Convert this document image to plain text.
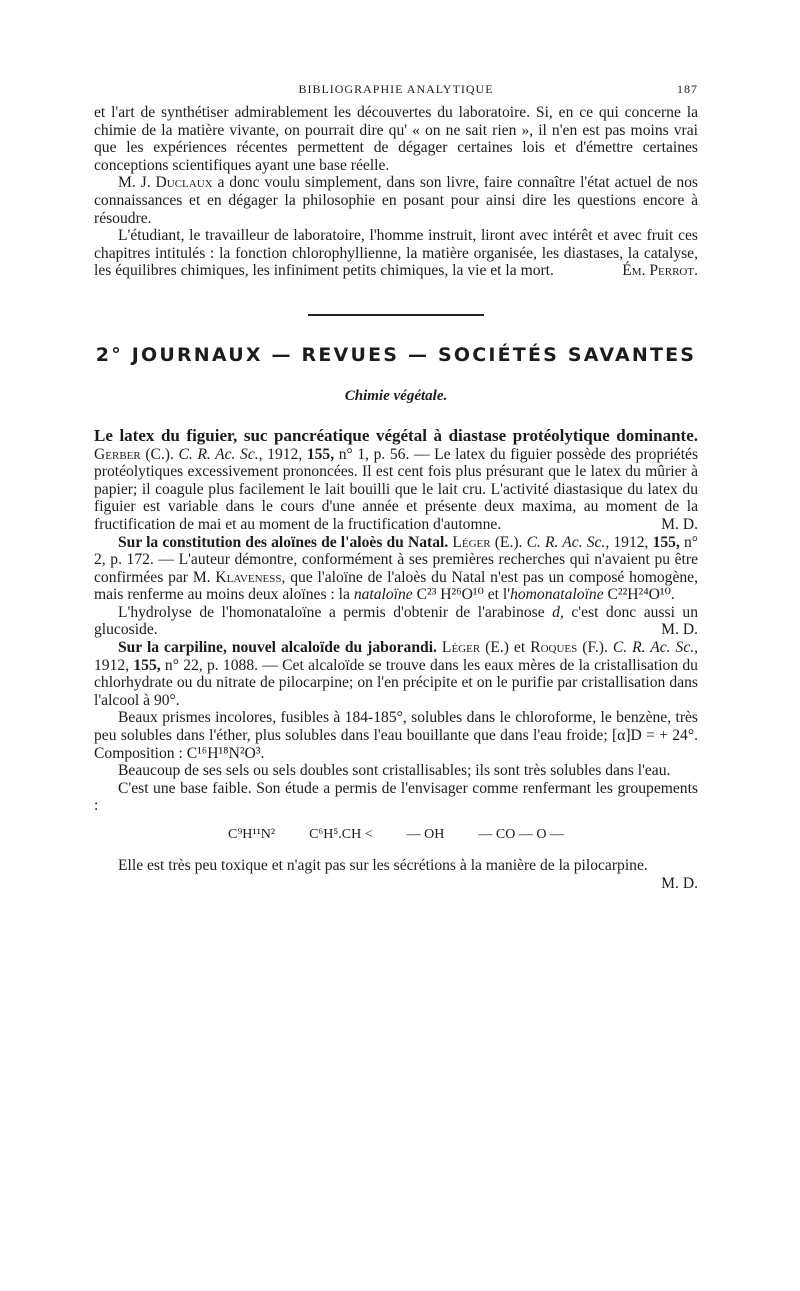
BIBLIOGRAPHIE ANALYTIQUE	187

et l'art de synthétiser admirablement les découvertes du laboratoire. Si, en ce qui concerne la chimie de la matière vivante, on pourrait dire qu' « on ne sait rien », il n'en est pas moins vrai que les expériences récentes permettent de dégager certaines lois et d'émettre certaines conceptions scientifiques ayant une base réelle.

M. J. Duclaux a donc voulu simplement, dans son livre, faire connaître l'état actuel de nos connaissances et en dégager la philosophie en posant pour ainsi dire les questions encore à résoudre.

L'étudiant, le travailleur de laboratoire, l'homme instruit, liront avec intérêt et avec fruit ces chapitres intitulés : la fonction chlorophyllienne, la matière organisée, les diastases, la catalyse, les équilibres chimiques, les infiniment petits chimiques, la vie et la mort.	Ém. Perrot.

2° JOURNAUX — REVUES — SOCIÉTÉS SAVANTES
Chimie végétale.

Le latex du figuier, suc pancréatique végétal à diastase protéolytique dominante. Gerber (C.). C. R. Ac. Sc., 1912, 155, n° 1, p. 56. — Le latex du figuier possède des propriétés protéolytiques excessivement prononcées. Il est cent fois plus présurant que le latex du mûrier à papier; il coagule plus facilement le lait bouilli que le lait cru. L'activité diastasique du latex du figuier est variable dans le cours d'une année et présente deux maxima, au moment de la fructification de mai et au moment de la fructification d'automne.	M. D.

Sur la constitution des aloïnes de l'aloès du Natal. Léger (E.). C. R. Ac. Sc., 1912, 155, n° 2, p. 172. — L'auteur démontre, conformément à ses premières recherches qui n'avaient pu être confirmées par M. Klaveness, que l'aloïne de l'aloès du Natal n'est pas un composé homogène, mais renferme au moins deux aloïnes : la nataloïne C²³ H²⁶O¹⁰ et l'homonataloïne C²²H²⁴O¹⁰.

L'hydrolyse de l'homonataloïne a permis d'obtenir de l'arabinose d, c'est donc aussi un glucoside.	M. D.

Sur la carpiline, nouvel alcaloïde du jaborandi. Léger (E.) et Roques (F.). C. R. Ac. Sc., 1912, 155, n° 22, p. 1088. — Cet alcaloïde se trouve dans les eaux mères de la cristallisation du chlorhydrate ou du nitrate de pilocarpine; on l'en précipite et on le purifie par cristallisation dans l'alcool à 90°.

Beaux prismes incolores, fusibles à 184-185°, solubles dans le chloroforme, le benzène, très peu solubles dans l'éther, plus solubles dans l'eau bouillante que dans l'eau froide; [α]D = + 24°. Composition : C¹⁶H¹⁸N²O³.

Beaucoup de ses sels ou sels doubles sont cristallisables; ils sont très solubles dans l'eau.

C'est une base faible. Son étude a permis de l'envisager comme renfermant les groupements :

C⁹H¹¹N² C⁶H⁵.CH < — OH — CO — O —

Elle est très peu toxique et n'agit pas sur les sécrétions à la manière de la pilocarpine.
M. D.
